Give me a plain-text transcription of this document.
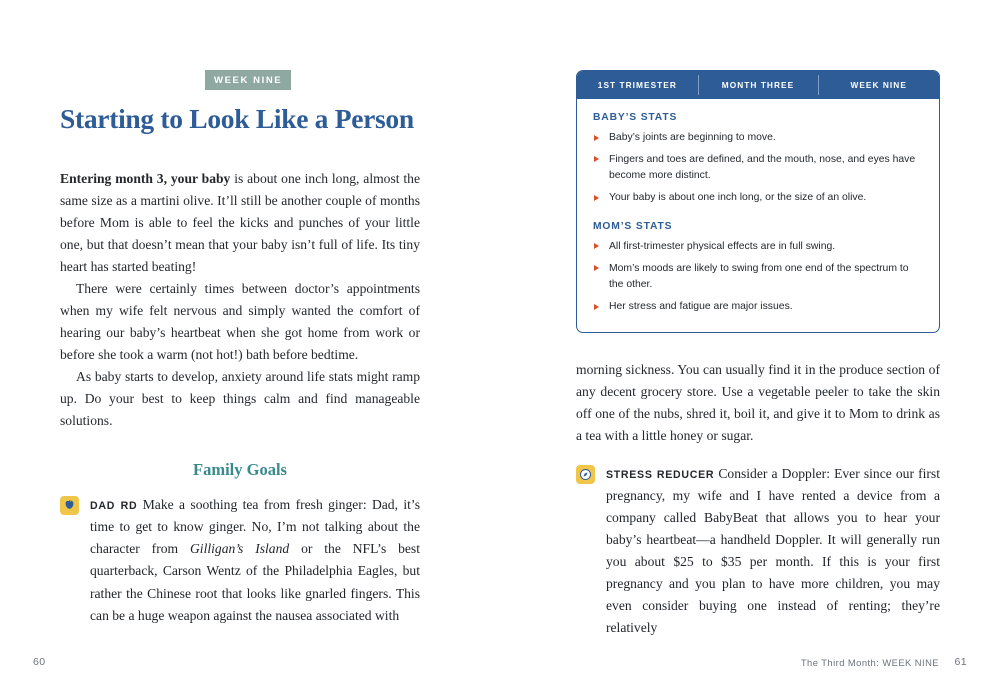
WEEK NINE
Starting to Look Like a Person

Entering month 3, your baby is about one inch long, almost the same size as a martini olive. It’ll still be another couple of months before Mom is able to feel the kicks and punches of your little one, but that doesn’t mean that your baby isn’t full of life. Its tiny heart has started beating!

There were certainly times between doctor’s appointments when my wife felt nervous and simply wanted the comfort of hearing our baby’s heartbeat when she got home from work or before she took a warm (not hot!) bath before bedtime.

As baby starts to develop, anxiety around life stats might ramp up. Do your best to keep things calm and find manageable solutions.

Family Goals
DAD RD Make a soothing tea from fresh ginger: Dad, it’s time to get to know ginger. No, I’m not talking about the character from Gilligan’s Island or the NFL’s best quarterback, Carson Wentz of the Philadelphia Eagles, but rather the Chinese root that looks like gnarled fingers. This can be a huge weapon against the nausea associated with
60
1ST TRIMESTER	MONTH THREE	WEEK NINE
BABY’S STATS
Baby’s joints are beginning to move.
Fingers and toes are defined, and the mouth, nose, and eyes have become more distinct.
Your baby is about one inch long, or the size of an olive.
MOM’S STATS
All first-trimester physical effects are in full swing.
Mom’s moods are likely to swing from one end of the spectrum to the other.
Her stress and fatigue are major issues.

morning sickness. You can usually find it in the produce section of any decent grocery store. Use a vegetable peeler to take the skin off one of the nubs, shred it, boil it, and give it to Mom to drink as a tea with a little honey or sugar.

STRESS REDUCER Consider a Doppler: Ever since our first pregnancy, my wife and I have rented a device from a company called BabyBeat that allows you to hear your baby’s heartbeat—a handheld Doppler. It will generally run you about $25 to $35 per month. If this is your first pregnancy and you plan to have more children, you may even consider buying one instead of renting; they’re relatively
The Third Month: WEEK NINE 61
